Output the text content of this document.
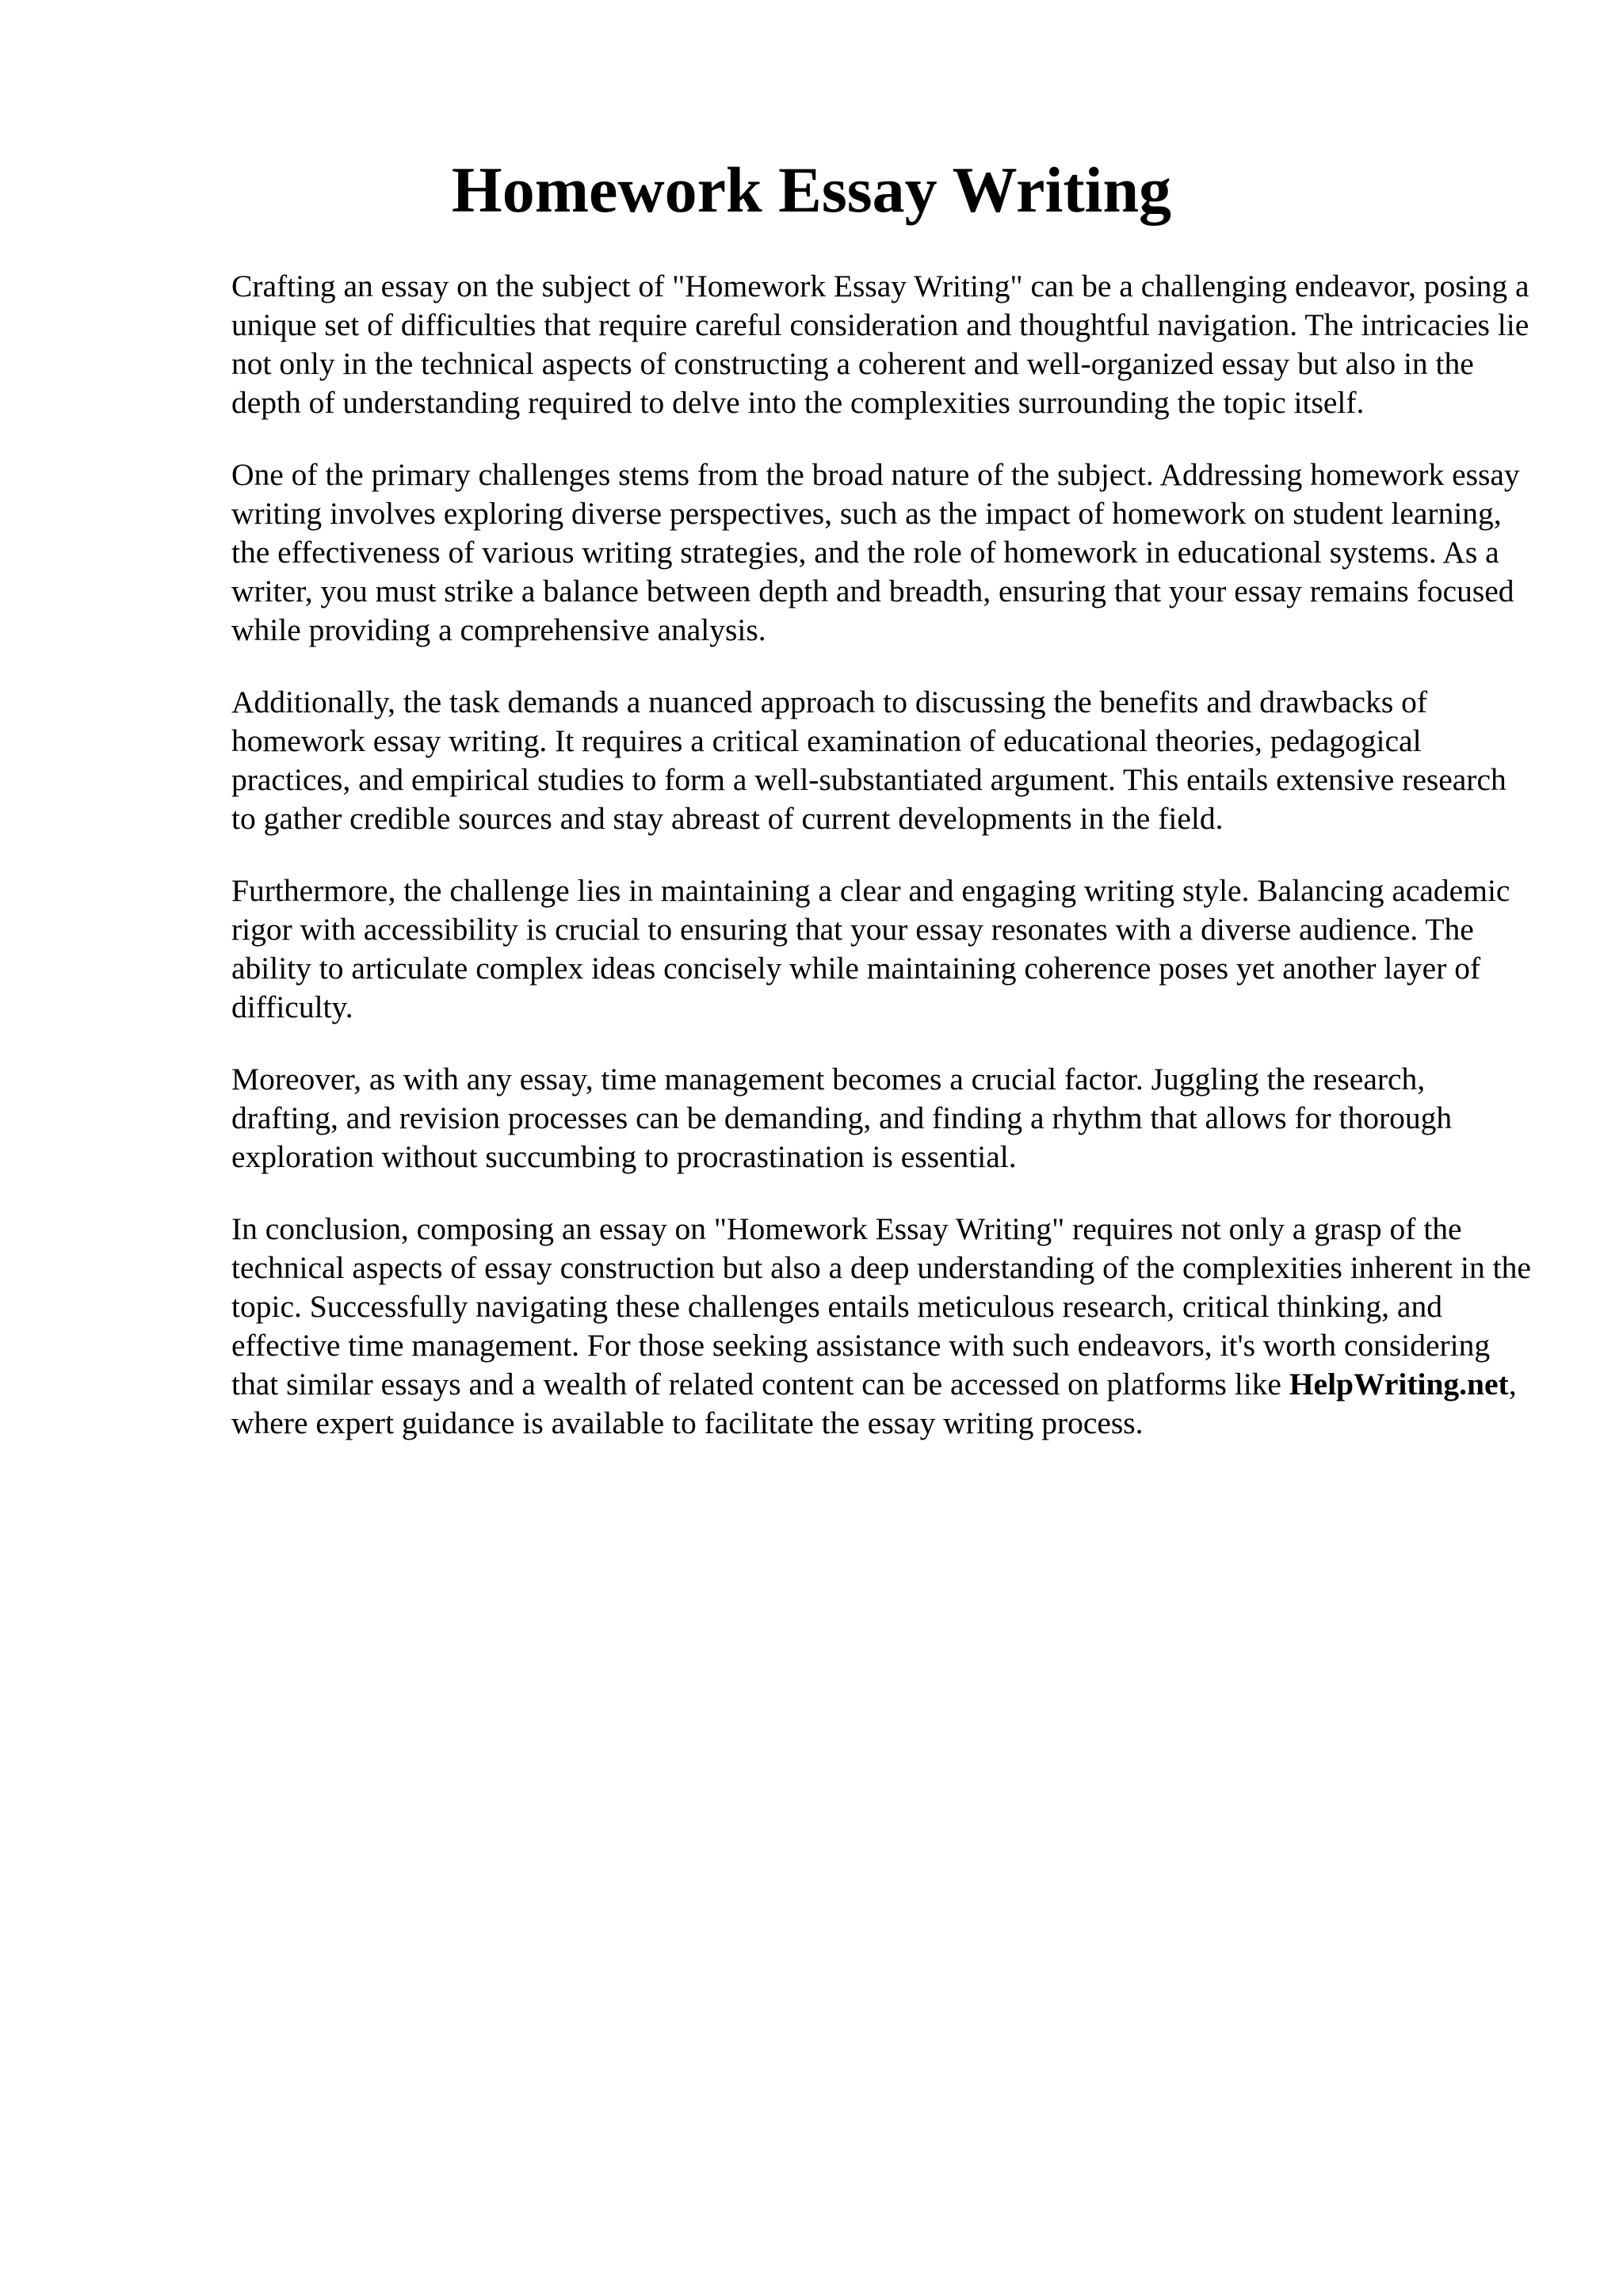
Homework Essay Writing

Crafting an essay on the subject of "Homework Essay Writing" can be a challenging endeavor, posing a unique set of difficulties that require careful consideration and thoughtful navigation. The intricacies lie not only in the technical aspects of constructing a coherent and well-organized essay but also in the depth of understanding required to delve into the complexities surrounding the topic itself.

One of the primary challenges stems from the broad nature of the subject. Addressing homework essay writing involves exploring diverse perspectives, such as the impact of homework on student learning, the effectiveness of various writing strategies, and the role of homework in educational systems. As a writer, you must strike a balance between depth and breadth, ensuring that your essay remains focused while providing a comprehensive analysis.

Additionally, the task demands a nuanced approach to discussing the benefits and drawbacks of homework essay writing. It requires a critical examination of educational theories, pedagogical practices, and empirical studies to form a well-substantiated argument. This entails extensive research to gather credible sources and stay abreast of current developments in the field.

Furthermore, the challenge lies in maintaining a clear and engaging writing style. Balancing academic rigor with accessibility is crucial to ensuring that your essay resonates with a diverse audience. The ability to articulate complex ideas concisely while maintaining coherence poses yet another layer of difficulty.

Moreover, as with any essay, time management becomes a crucial factor. Juggling the research, drafting, and revision processes can be demanding, and finding a rhythm that allows for thorough exploration without succumbing to procrastination is essential.

In conclusion, composing an essay on "Homework Essay Writing" requires not only a grasp of the technical aspects of essay construction but also a deep understanding of the complexities inherent in the topic. Successfully navigating these challenges entails meticulous research, critical thinking, and effective time management. For those seeking assistance with such endeavors, it's worth considering that similar essays and a wealth of related content can be accessed on platforms like HelpWriting.net, where expert guidance is available to facilitate the essay writing process.
